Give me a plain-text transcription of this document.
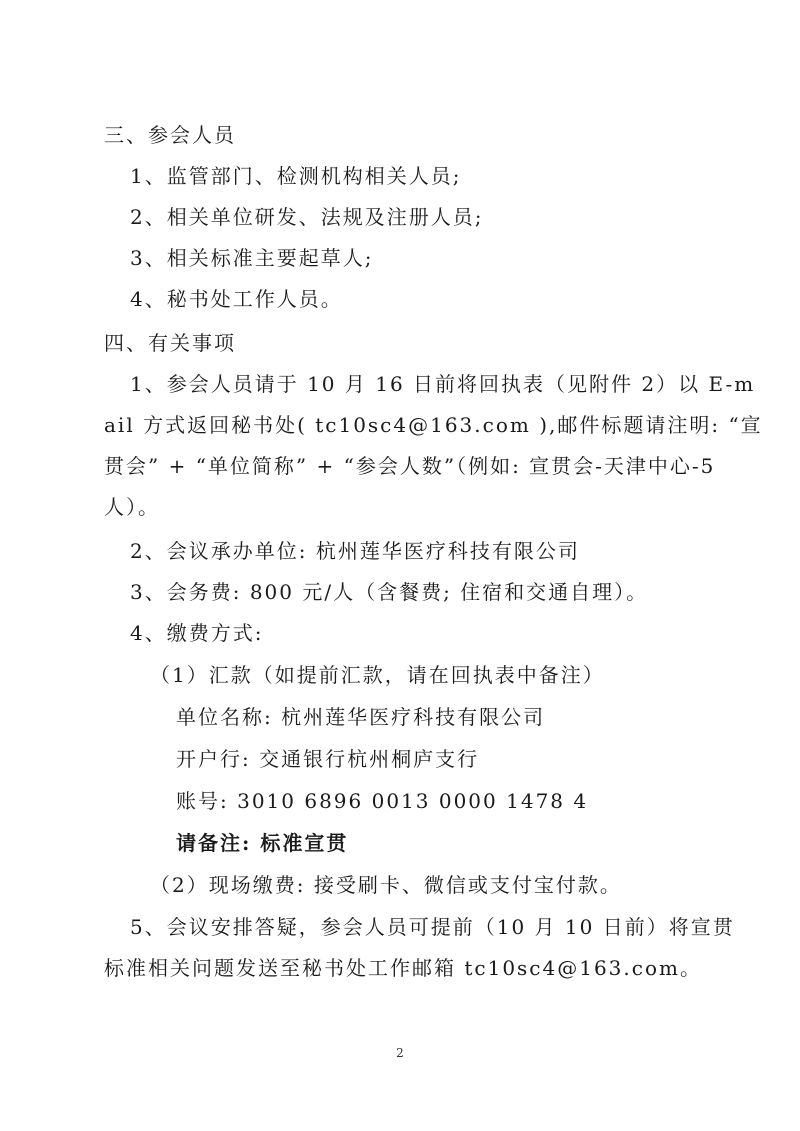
三、参会人员
1、监管部门、检测机构相关人员;
2、相关单位研发、法规及注册人员;
3、相关标准主要起草人;
4、秘书处工作人员。
四、有关事项
1、参会人员请于 10 月 16 日前将回执表（见附件 2）以 E-m
ail 方式返回秘书处( tc10sc4@163.com ),邮件标题请注明: “宣
贯会” + “单位简称” + “参会人数”（例如: 宣贯会-天津中心-5
人）。
2、会议承办单位: 杭州莲华医疗科技有限公司
3、会务费: 800 元/人（含餐费; 住宿和交通自理）。
4、缴费方式:
（1）汇款（如提前汇款，请在回执表中备注）
单位名称: 杭州莲华医疗科技有限公司
开户行: 交通银行杭州桐庐支行
账号: 3010 6896 0013 0000 1478 4
请备注: 标准宣贯
（2）现场缴费: 接受刷卡、微信或支付宝付款。
5、会议安排答疑，参会人员可提前（10 月 10 日前）将宣贯
标准相关问题发送至秘书处工作邮箱 tc10sc4@163.com。
2
